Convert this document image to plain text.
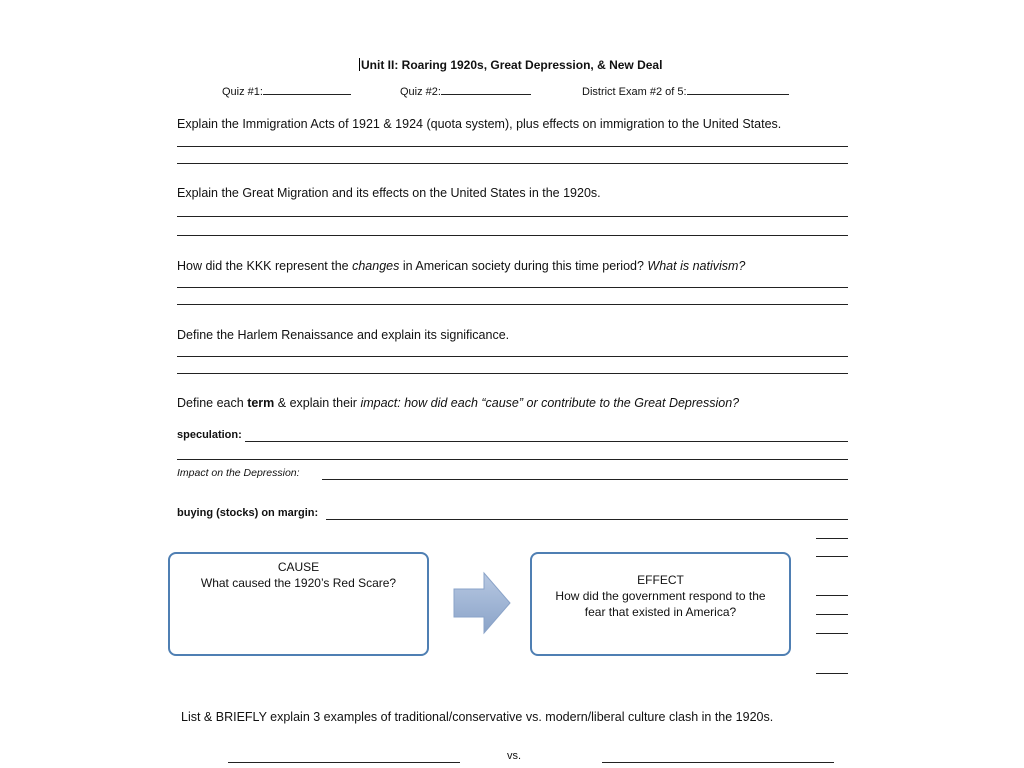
Unit II: Roaring 1920s, Great Depression, & New Deal
Quiz #1:	Quiz #2:	District Exam #2 of 5:
Explain the Immigration Acts of 1921 & 1924 (quota system), plus effects on immigration to the United States.
Explain the Great Migration and its effects on the United States in the 1920s.
How did the KKK represent the changes in American society during this time period? What is nativism?
Define the Harlem Renaissance and explain its significance.
Define each term & explain their impact: how did each “cause” or contribute to the Great Depression?
speculation:
Impact on the Depression:
buying (stocks) on margin:
CAUSE
What caused the 1920’s Red Scare?	EFFECT
How did the government respond to the
fear that existed in America?
List & BRIEFLY explain 3 examples of traditional/conservative vs. modern/liberal culture clash in the 1920s.
vs.
